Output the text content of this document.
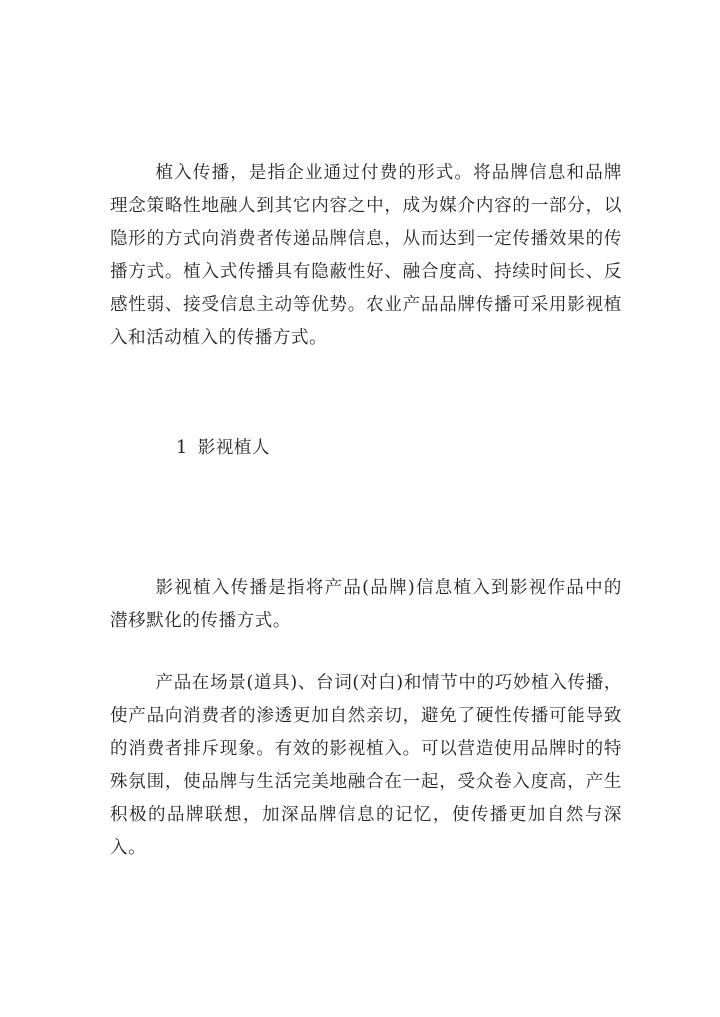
植入传播，是指企业通过付费的形式。将品牌信息和品牌理念策略性地融人到其它内容之中，成为媒介内容的一部分，以隐形的方式向消费者传递品牌信息，从而达到一定传播效果的传播方式。植入式传播具有隐蔽性好、融合度高、持续时间长、反感性弱、接受信息主动等优势。农业产品品牌传播可采用影视植入和活动植入的传播方式。

1 影视植人

影视植入传播是指将产品(品牌)信息植入到影视作品中的潜移默化的传播方式。

产品在场景(道具)、台词(对白)和情节中的巧妙植入传播，使产品向消费者的渗透更加自然亲切，避免了硬性传播可能导致的消费者排斥现象。有效的影视植入。可以营造使用品牌时的特殊氛围，使品牌与生活完美地融合在一起，受众卷入度高，产生积极的品牌联想，加深品牌信息的记忆，使传播更加自然与深入。
